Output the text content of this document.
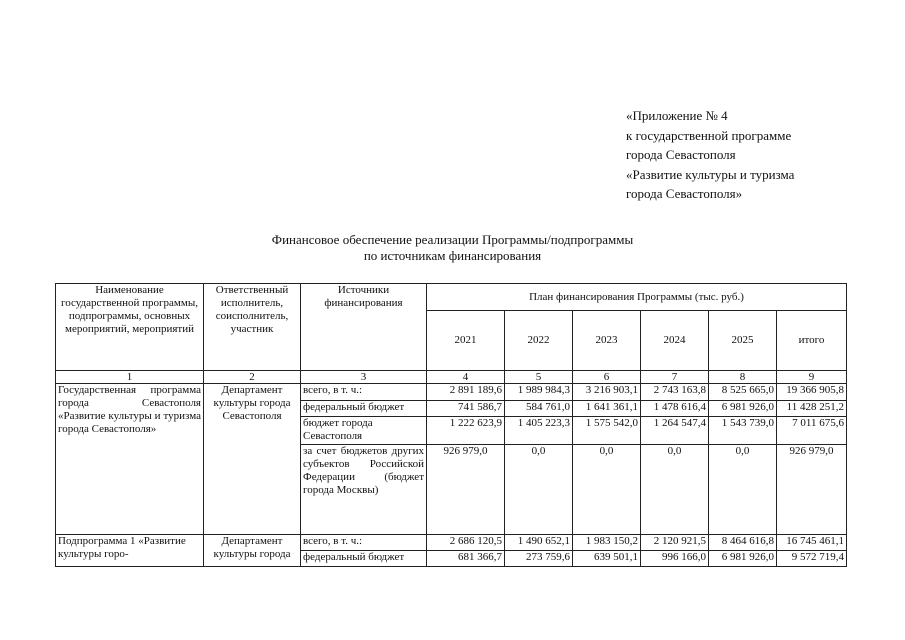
«Приложение № 4
к государственной программе
города Севастополя
«Развитие культуры и туризма
города Севастополя»
Финансовое обеспечение реализации Программы/подпрограммы
по источникам финансирования
Наименование государственной программы, подпрограммы, основных мероприятий, мероприятий	Ответственный исполнитель, соисполнитель, участник	Источники финансирования	План финансирования Программы (тыс. руб.)					
			2021	2022	2023	2024	2025	итого
1	2	3	4	5	6	7	8	9
Государственная программа города Севастополя «Развитие культуры и туризма города Севастополя»	Департамент культуры города Севастополя	всего, в т. ч.:	2 891 189,6	1 989 984,3	3 216 903,1	2 743 163,8	8 525 665,0	19 366 905,8
		федеральный бюджет	741 586,7	584 761,0	1 641 361,1	1 478 616,4	6 981 926,0	11 428 251,2
		бюджет города Севастополя	1 222 623,9	1 405 223,3	1 575 542,0	1 264 547,4	1 543 739,0	7 011 675,6
		за счет бюджетов других субъектов Российской Федерации (бюджет города Москвы)	926 979,0	0,0	0,0	0,0	0,0	926 979,0
Подпрограмма 1 «Развитие культуры горо-	Департамент культуры города	всего, в т. ч.:	2 686 120,5	1 490 652,1	1 983 150,2	2 120 921,5	8 464 616,8	16 745 461,1
		федеральный бюджет	681 366,7	273 759,6	639 501,1	996 166,0	6 981 926,0	9 572 719,4
